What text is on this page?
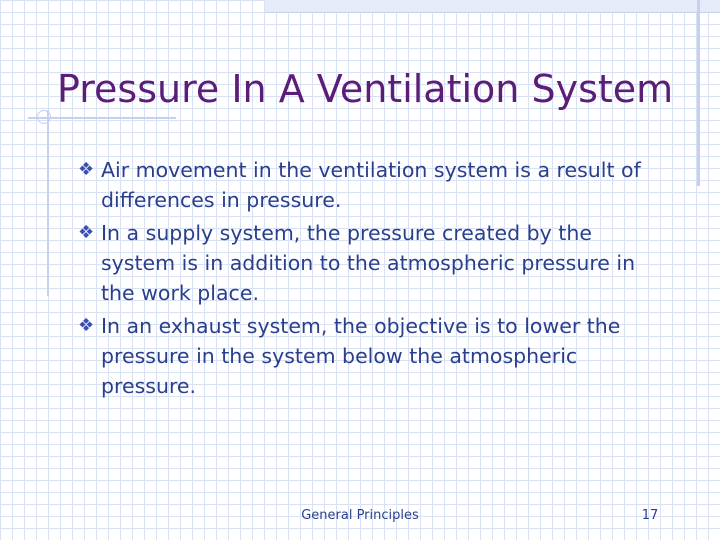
Pressure In A Ventilation System
❖ Air movement in the ventilation system is a result of differences in pressure.
❖ In a supply system, the pressure created by the system is in addition to the atmospheric pressure in the work place.
❖ In an exhaust system, the objective is to lower the pressure in the system below the atmospheric pressure.
General Principles	17
